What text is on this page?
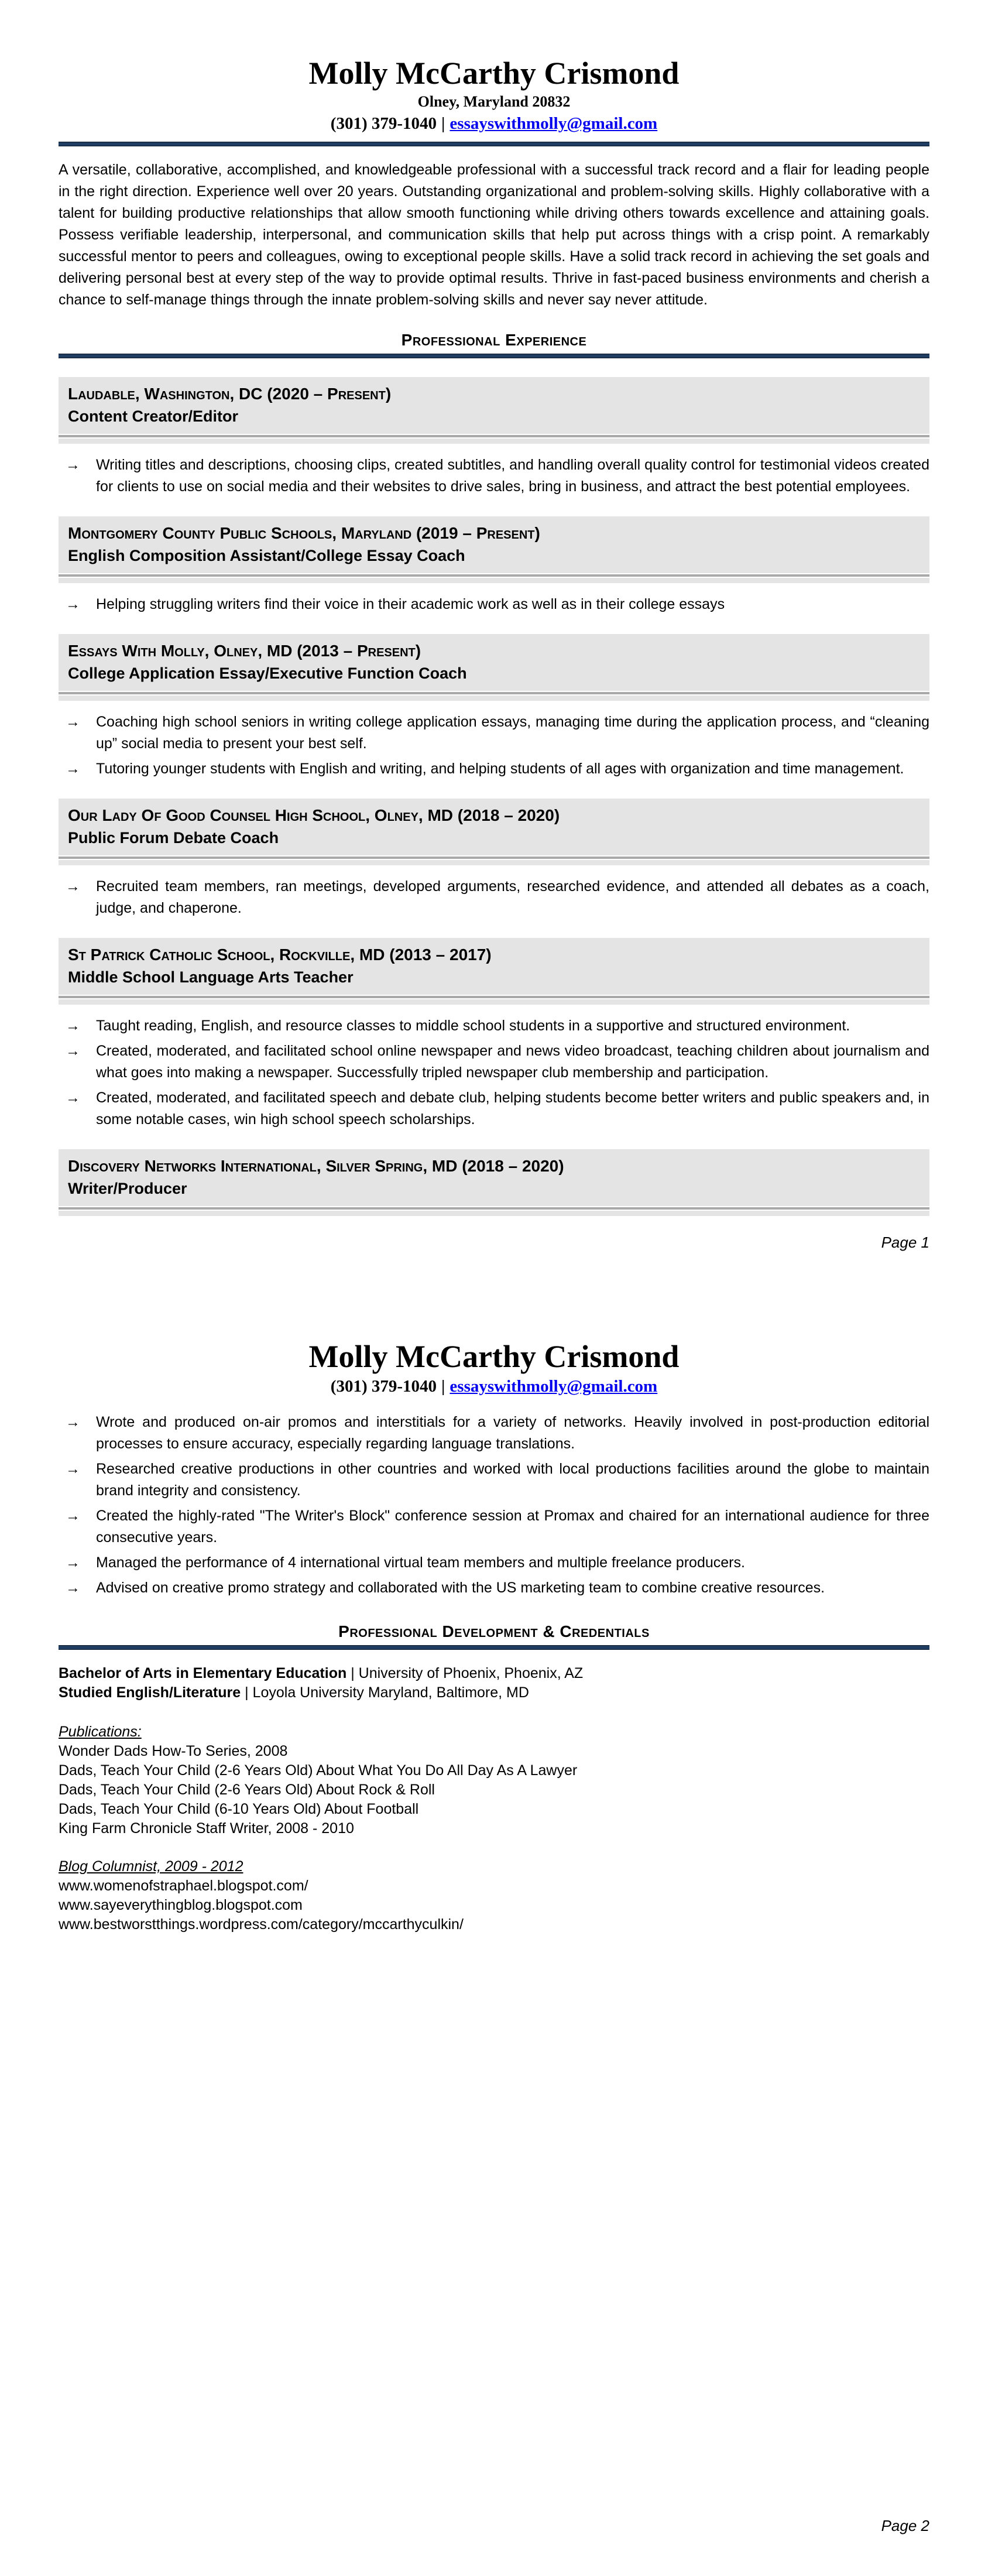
Molly McCarthy Crismond
Olney, Maryland 20832
(301) 379-1040 | essayswithmolly@gmail.com
A versatile, collaborative, accomplished, and knowledgeable professional with a successful track record and a flair for leading people in the right direction. Experience well over 20 years. Outstanding organizational and problem-solving skills. Highly collaborative with a talent for building productive relationships that allow smooth functioning while driving others towards excellence and attaining goals. Possess verifiable leadership, interpersonal, and communication skills that help put across things with a crisp point. A remarkably successful mentor to peers and colleagues, owing to exceptional people skills. Have a solid track record in achieving the set goals and delivering personal best at every step of the way to provide optimal results. Thrive in fast-paced business environments and cherish a chance to self-manage things through the innate problem-solving skills and never say never attitude.
Professional Experience
Laudable, Washington, DC (2020 – Present)
Content Creator/Editor
→ Writing titles and descriptions, choosing clips, created subtitles, and handling overall quality control for testimonial videos created for clients to use on social media and their websites to drive sales, bring in business, and attract the best potential employees.
Montgomery County Public Schools, Maryland (2019 – Present)
English Composition Assistant/College Essay Coach
→ Helping struggling writers find their voice in their academic work as well as in their college essays
Essays With Molly, Olney, MD (2013 – Present)
College Application Essay/Executive Function Coach
→ Coaching high school seniors in writing college application essays, managing time during the application process, and “cleaning up” social media to present your best self.
→ Tutoring younger students with English and writing, and helping students of all ages with organization and time management.
Our Lady Of Good Counsel High School, Olney, MD (2018 – 2020)
Public Forum Debate Coach
→ Recruited team members, ran meetings, developed arguments, researched evidence, and attended all debates as a coach, judge, and chaperone.
St Patrick Catholic School, Rockville, MD (2013 – 2017)
Middle School Language Arts Teacher
→ Taught reading, English, and resource classes to middle school students in a supportive and structured environment.
→ Created, moderated, and facilitated school online newspaper and news video broadcast, teaching children about journalism and what goes into making a newspaper. Successfully tripled newspaper club membership and participation.
→ Created, moderated, and facilitated speech and debate club, helping students become better writers and public speakers and, in some notable cases, win high school speech scholarships.
Discovery Networks International, Silver Spring, MD (2018 – 2020)
Writer/Producer
Page 1
Molly McCarthy Crismond
(301) 379-1040 | essayswithmolly@gmail.com
→ Wrote and produced on-air promos and interstitials for a variety of networks. Heavily involved in post-production editorial processes to ensure accuracy, especially regarding language translations.
→ Researched creative productions in other countries and worked with local productions facilities around the globe to maintain brand integrity and consistency.
→ Created the highly-rated "The Writer's Block" conference session at Promax and chaired for an international audience for three consecutive years.
→ Managed the performance of 4 international virtual team members and multiple freelance producers.
→ Advised on creative promo strategy and collaborated with the US marketing team to combine creative resources.
Professional Development & Credentials
Bachelor of Arts in Elementary Education | University of Phoenix, Phoenix, AZ
Studied English/Literature | Loyola University Maryland, Baltimore, MD
Publications:
Wonder Dads How-To Series, 2008
Dads, Teach Your Child (2-6 Years Old) About What You Do All Day As A Lawyer
Dads, Teach Your Child (2-6 Years Old) About Rock & Roll
Dads, Teach Your Child (6-10 Years Old) About Football
King Farm Chronicle Staff Writer, 2008 - 2010
Blog Columnist, 2009 - 2012
www.womenofstraphael.blogspot.com/
www.sayeverythingblog.blogspot.com
www.bestworstthings.wordpress.com/category/mccarthyculkin/
Page 2
